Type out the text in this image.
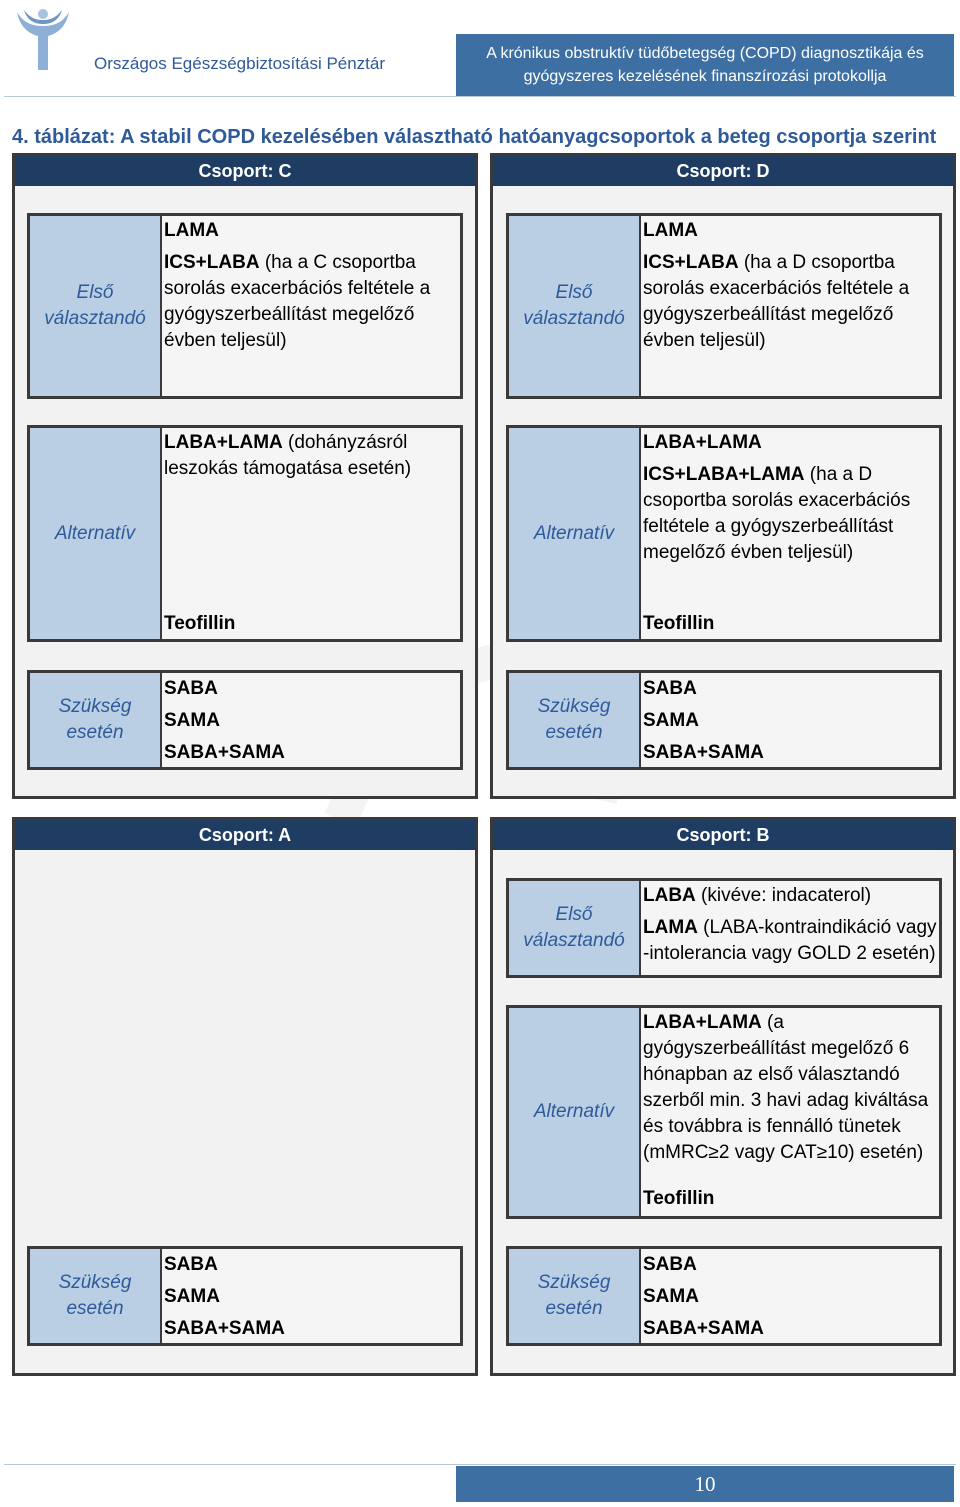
Országos Egészségbiztosítási Pénztár
A krónikus obstruktív tüdőbetegség (COPD) diagnosztikája és
gyógyszeres kezelésének finanszírozási protokollja
4. táblázat: A stabil COPD kezelésében választható hatóanyagcsoportok a beteg csoportja szerint
Csoport: C
Első választandó
LAMA
ICS+LABA (ha a C csoportba sorolás exacerbációs feltétele a gyógyszerbeállítást megelőző évben teljesül)
Alternatív
LABA+LAMA (dohányzásról leszokás támogatása esetén)
Teofillin
Szükség esetén
SABA
SAMA
SABA+SAMA
Csoport: D
Első választandó
LAMA
ICS+LABA (ha a D csoportba sorolás exacerbációs feltétele a gyógyszerbeállítást megelőző évben teljesül)
Alternatív
LABA+LAMA
ICS+LABA+LAMA (ha a D csoportba sorolás exacerbációs feltétele a gyógyszerbeállítást megelőző évben teljesül)
Teofillin
Szükség esetén
SABA
SAMA
SABA+SAMA
Csoport: A
Szükség esetén
SABA
SAMA
SABA+SAMA
Csoport: B
Első választandó
LABA (kivéve: indacaterol)
LAMA (LABA-kontraindikáció vagy -intolerancia vagy GOLD 2 esetén)
Alternatív
LABA+LAMA (a gyógyszerbeállítást megelőző 6 hónapban az első választandó szerből min. 3 havi adag kiváltása és továbbra is fennálló tünetek (mMRC≥2 vagy CAT≥10) esetén)
Teofillin
Szükség esetén
SABA
SAMA
SABA+SAMA
10
